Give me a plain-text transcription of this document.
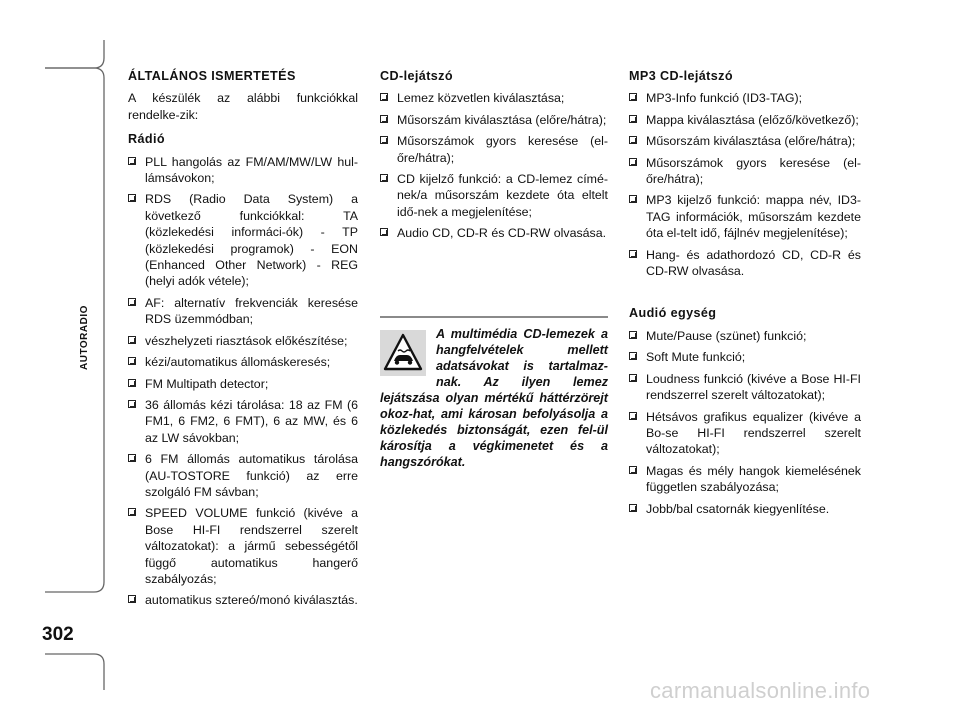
AUTORADIO
302
ÁLTALÁNOS ISMERTETÉS

A készülék az alábbi funkciókkal rendelke-zik:

Rádió
PLL hangolás az FM/AM/MW/LW hul-lámsávokon;
RDS (Radio Data System) a következő funkciókkal: TA (közlekedési informáci-ók) - TP (közlekedési programok) - EON (Enhanced Other Network) - REG (helyi adók vétele);
AF: alternatív frekvenciák keresése RDS üzemmódban;
vészhelyzeti riasztások előkészítése;
kézi/automatikus állomáskeresés;
FM Multipath detector;
36 állomás kézi tárolása: 18 az FM (6 FM1, 6 FM2, 6 FMT), 6 az MW, és 6 az LW sávokban;
6 FM állomás automatikus tárolása (AU-TOSTORE funkció) az erre szolgáló FM sávban;
SPEED VOLUME funkció (kivéve a Bose HI-FI rendszerrel szerelt változatokat): a jármű sebességétől függő automatikus hangerő szabályozás;
automatikus sztereó/monó kiválasztás.
CD-lejátszó
Lemez közvetlen kiválasztása;
Műsorszám kiválasztása (előre/hátra);
Műsorszámok gyors keresése (el-őre/hátra);
CD kijelző funkció: a CD-lemez címé-nek/a műsorszám kezdete óta eltelt idő-nek a megjelenítése;
Audio CD, CD-R és CD-RW olvasása.
A multimédia CD-lemezek a hangfelvételek mellett adatsávokat is tartalmaz-nak. Az ilyen lemez lejátszása olyan mértékű háttérzörejt okoz-hat, ami károsan befolyásolja a közlekedés biztonságát, ezen fel-ül károsítja a végkimenetet és a hangszórókat.
MP3 CD-lejátszó
MP3-Info funkció (ID3-TAG);
Mappa kiválasztása (előző/következő);
Műsorszám kiválasztása (előre/hátra);
Műsorszámok gyors keresése (el-őre/hátra);
MP3 kijelző funkció: mappa név, ID3-TAG információk, műsorszám kezdete óta el-telt idő, fájlnév megjelenítése);
Hang- és adathordozó CD, CD-R és CD-RW olvasása.
Audió egység
Mute/Pause (szünet) funkció;
Soft Mute funkció;
Loudness funkció (kivéve a Bose HI-FI rendszerrel szerelt változatokat);
Hétsávos grafikus equalizer (kivéve a Bo-se HI-FI rendszerrel szerelt változatokat);
Magas és mély hangok kiemelésének független szabályozása;
Jobb/bal csatornák kiegyenlítése.
carmanualsonline.info
